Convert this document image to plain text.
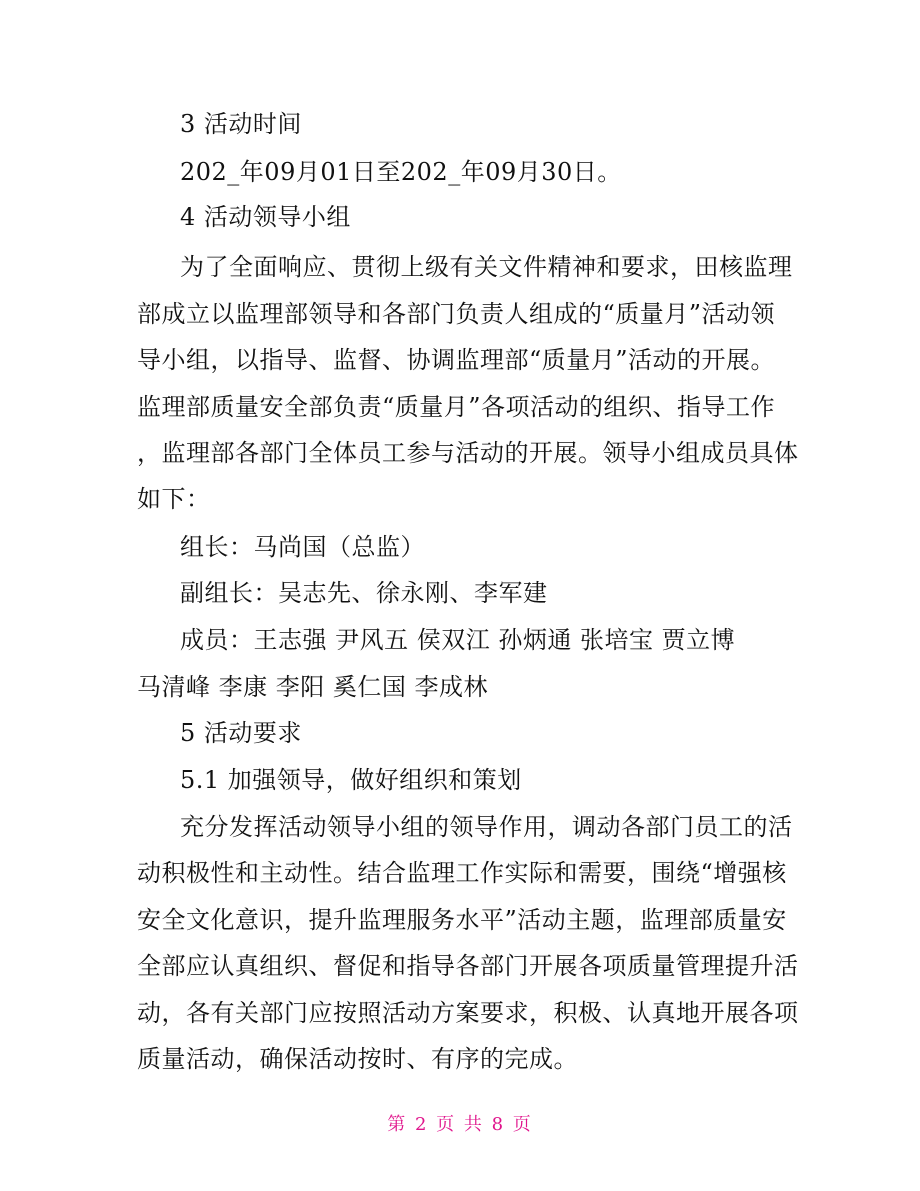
3 活动时间
202_年09月01日至202_年09月30日。
4 活动领导小组
为了全面响应、贯彻上级有关文件精神和要求，田核监理
部成立以监理部领导和各部门负责人组成的“质量月”活动领
导小组，以指导、监督、协调监理部“质量月”活动的开展。
监理部质量安全部负责“质量月”各项活动的组织、指导工作
，监理部各部门全体员工参与活动的开展。领导小组成员具体
如下：
组长：马尚国（总监）
副组长：吴志先、徐永刚、李军建
成员：王志强 尹风五 侯双江 孙炳通 张培宝 贾立博
马清峰 李康 李阳 奚仁国 李成林
5 活动要求
5.1 加强领导，做好组织和策划
充分发挥活动领导小组的领导作用，调动各部门员工的活
动积极性和主动性。结合监理工作实际和需要，围绕“增强核
安全文化意识，提升监理服务水平”活动主题，监理部质量安
全部应认真组织、督促和指导各部门开展各项质量管理提升活
动，各有关部门应按照活动方案要求，积极、认真地开展各项
质量活动，确保活动按时、有序的完成。
第 2 页 共 8 页
